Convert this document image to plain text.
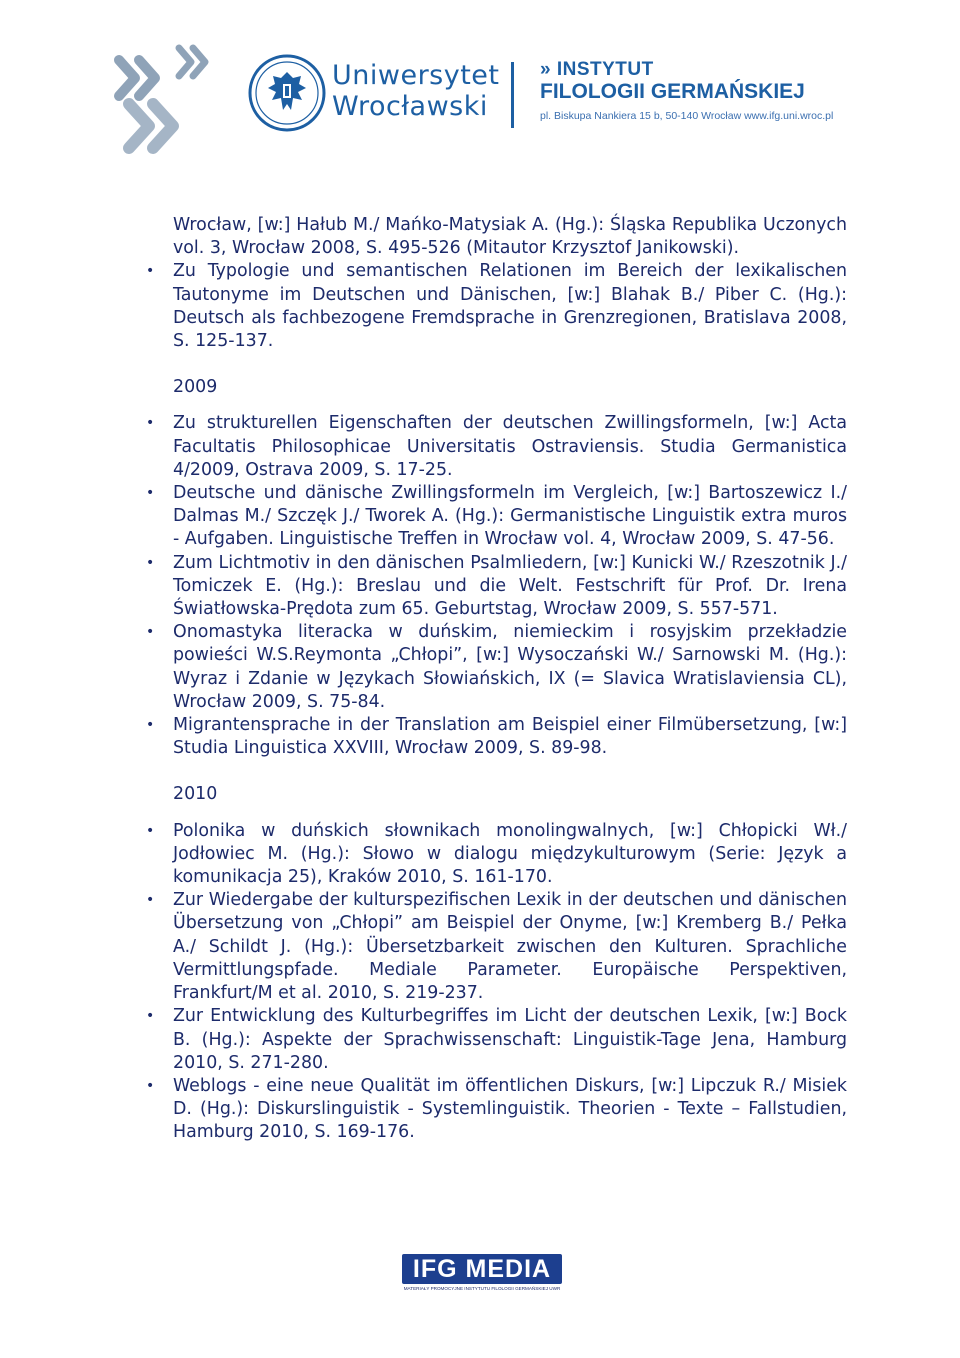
Uniwersytet
Wrocławski
» INSTYTUT
FILOLOGII GERMAŃSKIEJ
pl. Biskupa Nankiera 15 b, 50-140 Wrocław www.ifg.uni.wroc.pl

Wrocław, [w:] Hałub M./ Mańko-Matysiak A. (Hg.): Śląska Republika Uczonych vol. 3, Wrocław 2008, S. 495-526 (Mitautor Krzysztof Janikowski).

• Zu Typologie und semantischen Relationen im Bereich der lexikalischen Tautonyme im Deutschen und Dänischen, [w:] Blahak B./ Piber C. (Hg.): Deutsch als fachbezogene Fremdsprache in Grenzregionen, Bratislava 2008, S. 125-137.

2009

• Zu strukturellen Eigenschaften der deutschen Zwillingsformeln, [w:] Acta Facultatis Philosophicae Universitatis Ostraviensis. Studia Germanistica 4/2009, Ostrava 2009, S. 17-25.
• Deutsche und dänische Zwillingsformeln im Vergleich, [w:] Bartoszewicz I./ Dalmas M./ Szczęk J./ Tworek A. (Hg.): Germanistische Linguistik extra muros - Aufgaben. Linguistische Treffen in Wrocław vol. 4, Wrocław 2009, S. 47-56.
• Zum Lichtmotiv in den dänischen Psalmliedern, [w:] Kunicki W./ Rzeszotnik J./ Tomiczek E. (Hg.): Breslau und die Welt. Festschrift für Prof. Dr. Irena Światłowska-Prędota zum 65. Geburtstag, Wrocław 2009, S. 557-571.
• Onomastyka literacka w duńskim, niemieckim i rosyjskim przekładzie powieści W.S.Reymonta „Chłopi”, [w:] Wysoczański W./ Sarnowski M. (Hg.): Wyraz i Zdanie w Językach Słowiańskich, IX (= Slavica Wratislaviensia CL), Wrocław 2009, S. 75-84.
• Migrantensprache in der Translation am Beispiel einer Filmübersetzung, [w:] Studia Linguistica XXVIII, Wrocław 2009, S. 89-98.

2010

• Polonika w duńskich słownikach monolingwalnych, [w:] Chłopicki Wł./ Jodłowiec M. (Hg.): Słowo w dialogu międzykulturowym (Serie: Język a komunikacja 25), Kraków 2010, S. 161-170.
• Zur Wiedergabe der kulturspezifischen Lexik in der deutschen und dänischen Übersetzung von „Chłopi” am Beispiel der Onyme, [w:] Kremberg B./ Pełka A./ Schildt J. (Hg.): Übersetzbarkeit zwischen den Kulturen. Sprachliche Vermittlungspfade. Mediale Parameter. Europäische Perspektiven, Frankfurt/M et al. 2010, S. 219-237.
• Zur Entwicklung des Kulturbegriffes im Licht der deutschen Lexik, [w:] Bock B. (Hg.): Aspekte der Sprachwissenschaft: Linguistik-Tage Jena, Hamburg 2010, S. 271-280.
• Weblogs - eine neue Qualität im öffentlichen Diskurs, [w:] Lipczuk R./ Misiek D. (Hg.): Diskurslinguistik - Systemlinguistik. Theorien - Texte – Fallstudien, Hamburg 2010, S. 169-176.
IFG MEDIA
MATERIAŁY PROMOCYJNE INSTYTUTU FILOLOGII GERMAŃSKIEJ UWR
